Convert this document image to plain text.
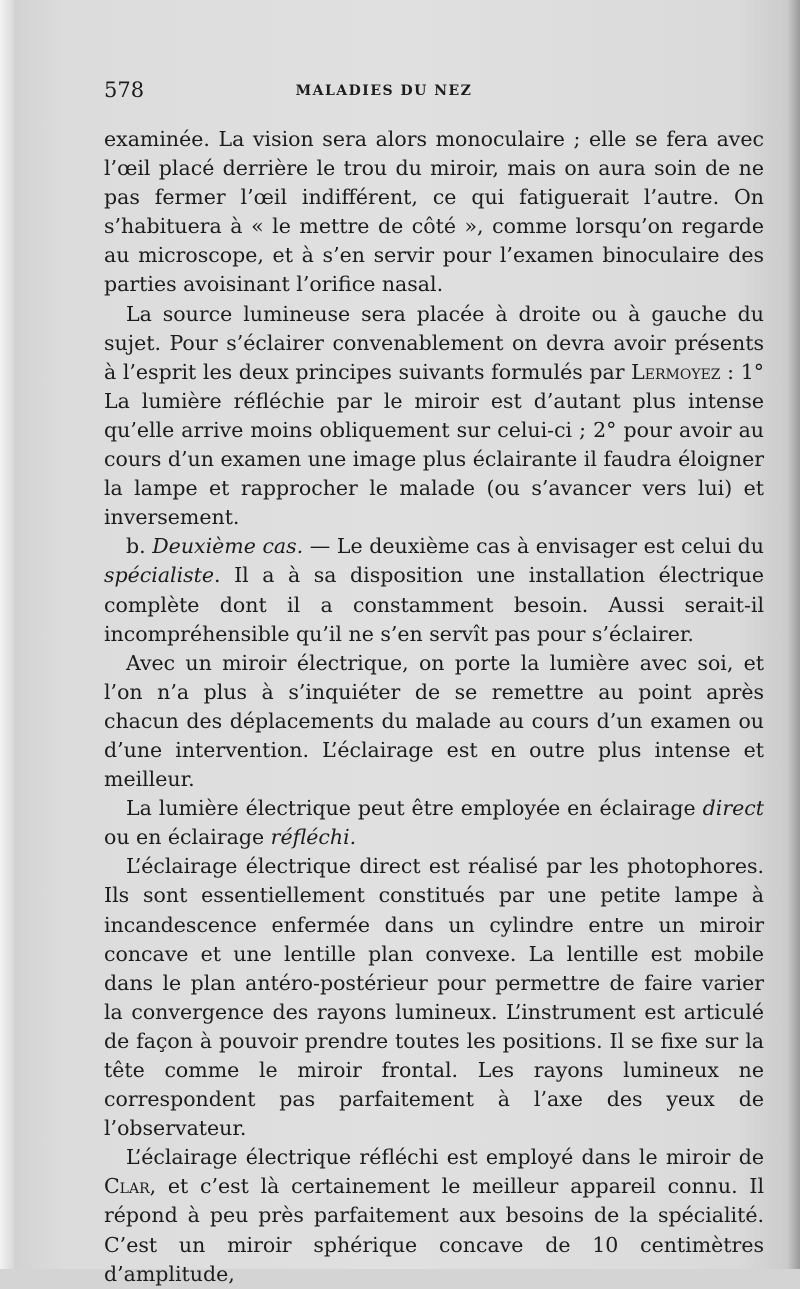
578	MALADIES DU NEZ

examinée. La vision sera alors monoculaire ; elle se fera avec l’œil placé derrière le trou du miroir, mais on aura soin de ne pas fermer l’œil indifférent, ce qui fatiguerait l’autre. On s’habituera à « le mettre de côté », comme lorsqu’on regarde au microscope, et à s’en servir pour l’examen binoculaire des parties avoisinant l’orifice nasal.

La source lumineuse sera placée à droite ou à gauche du sujet. Pour s’éclairer convenablement on devra avoir présents à l’esprit les deux principes suivants formulés par Lermoyez : 1° La lumière réfléchie par le miroir est d’autant plus intense qu’elle arrive moins obliquement sur celui-ci ; 2° pour avoir au cours d’un examen une image plus éclairante il faudra éloigner la lampe et rapprocher le malade (ou s’avancer vers lui) et inversement.

b. Deuxième cas. — Le deuxième cas à envisager est celui du spécialiste. Il a à sa disposition une installation électrique complète dont il a constamment besoin. Aussi serait-il incompréhensible qu’il ne s’en servît pas pour s’éclairer.

Avec un miroir électrique, on porte la lumière avec soi, et l’on n’a plus à s’inquiéter de se remettre au point après chacun des déplacements du malade au cours d’un examen ou d’une intervention. L’éclairage est en outre plus intense et meilleur.

La lumière électrique peut être employée en éclairage direct ou en éclairage réfléchi.

L’éclairage électrique direct est réalisé par les photophores. Ils sont essentiellement constitués par une petite lampe à incandescence enfermée dans un cylindre entre un miroir concave et une lentille plan convexe. La lentille est mobile dans le plan antéro-postérieur pour permettre de faire varier la convergence des rayons lumineux. L’instrument est articulé de façon à pouvoir prendre toutes les positions. Il se fixe sur la tête comme le miroir frontal. Les rayons lumineux ne correspondent pas parfaitement à l’axe des yeux de l’observateur.

L’éclairage électrique réfléchi est employé dans le miroir de Clar, et c’est là certainement le meilleur appareil connu. Il répond à peu près parfaitement aux besoins de la spécialité. C’est un miroir sphérique concave de 10 centimètres d’amplitude,
